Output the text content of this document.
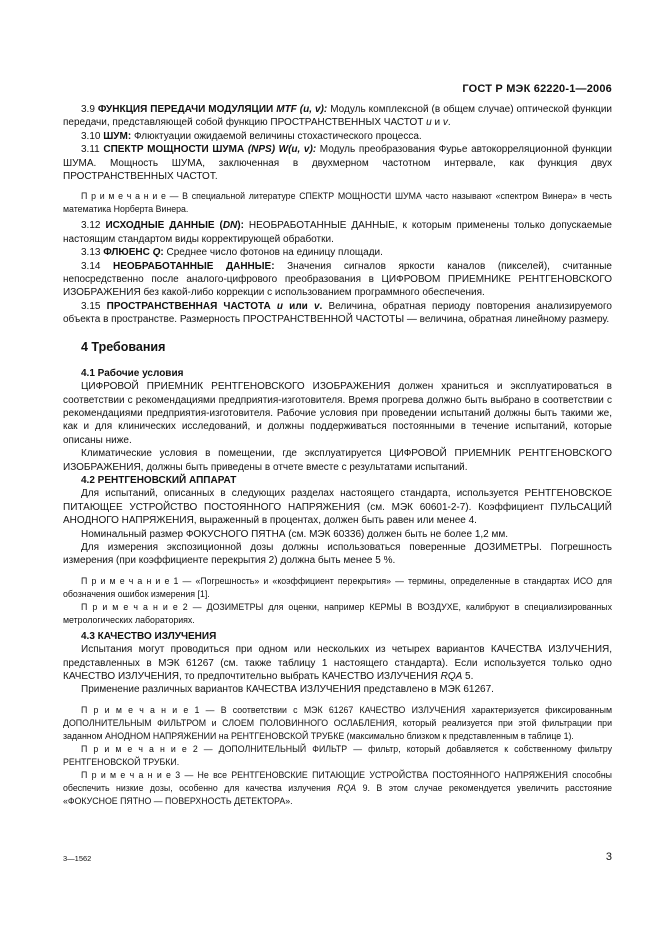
ГОСТ Р МЭК 62220-1—2006

3.9 ФУНКЦИЯ ПЕРЕДАЧИ МОДУЛЯЦИИ MTF (u, v): Модуль комплексной (в общем случае) оптической функции передачи, представляющей собой функцию ПРОСТРАНСТВЕННЫХ ЧАСТОТ u и v.

3.10 ШУМ: Флюктуации ожидаемой величины стохастического процесса.

3.11 СПЕКТР МОЩНОСТИ ШУМА (NPS) W(u, v): Модуль преобразования Фурье автокорреляционной функции ШУМА. Мощность ШУМА, заключенная в двухмерном частотном интервале, как функция двух ПРОСТРАНСТВЕННЫХ ЧАСТОТ.

П р и м е ч а н и е — В специальной литературе СПЕКТР МОЩНОСТИ ШУМА часто называют «спектром Винера» в честь математика Норберта Винера.

3.12 ИСХОДНЫЕ ДАННЫЕ (DN): НЕОБРАБОТАННЫЕ ДАННЫЕ, к которым применены только допускаемые настоящим стандартом виды корректирующей обработки.

3.13 ФЛЮЕНС Q: Среднее число фотонов на единицу площади.

3.14 НЕОБРАБОТАННЫЕ ДАННЫЕ: Значения сигналов яркости каналов (пикселей), считанные непосредственно после аналого-цифрового преобразования в ЦИФРОВОМ ПРИЕМНИКЕ РЕНТГЕНОВСКОГО ИЗОБРАЖЕНИЯ без какой-либо коррекции с использованием программного обеспечения.

3.15 ПРОСТРАНСТВЕННАЯ ЧАСТОТА u или v. Величина, обратная периоду повторения анализируемого объекта в пространстве. Размерность ПРОСТРАНСТВЕННОЙ ЧАСТОТЫ — величина, обратная линейному размеру.

4 Требования

4.1 Рабочие условия

ЦИФРОВОЙ ПРИЕМНИК РЕНТГЕНОВСКОГО ИЗОБРАЖЕНИЯ должен храниться и эксплуатироваться в соответствии с рекомендациями предприятия-изготовителя. Время прогрева должно быть выбрано в соответствии с рекомендациями предприятия-изготовителя. Рабочие условия при проведении испытаний должны быть такими же, как и для клинических исследований, и должны поддерживаться постоянными в течение испытаний, которые описаны ниже.

Климатические условия в помещении, где эксплуатируется ЦИФРОВОЙ ПРИЕМНИК РЕНТГЕНОВСКОГО ИЗОБРАЖЕНИЯ, должны быть приведены в отчете вместе с результатами испытаний.

4.2 РЕНТГЕНОВСКИЙ АППАРАТ

Для испытаний, описанных в следующих разделах настоящего стандарта, используется РЕНТГЕНОВСКОЕ ПИТАЮЩЕЕ УСТРОЙСТВО ПОСТОЯННОГО НАПРЯЖЕНИЯ (см. МЭК 60601-2-7). Коэффициент ПУЛЬСАЦИЙ АНОДНОГО НАПРЯЖЕНИЯ, выраженный в процентах, должен быть равен или менее 4.

Номинальный размер ФОКУСНОГО ПЯТНА (см. МЭК 60336) должен быть не более 1,2 мм.

Для измерения экспозиционной дозы должны использоваться поверенные ДОЗИМЕТРЫ. Погрешность измерения (при коэффициенте перекрытия 2) должна быть менее 5 %.

П р и м е ч а н и е 1 — «Погрешность» и «коэффициент перекрытия» — термины, определенные в стандартах ИСО для обозначения ошибок измерения [1].

П р и м е ч а н и е 2 — ДОЗИМЕТРЫ для оценки, например КЕРМЫ В ВОЗДУХЕ, калибруют в специализированных метрологических лабораториях.

4.3 КАЧЕСТВО ИЗЛУЧЕНИЯ

Испытания могут проводиться при одном или нескольких из четырех вариантов КАЧЕСТВА ИЗЛУЧЕНИЯ, представленных в МЭК 61267 (см. также таблицу 1 настоящего стандарта). Если используется только одно КАЧЕСТВО ИЗЛУЧЕНИЯ, то предпочтительно выбрать КАЧЕСТВО ИЗЛУЧЕНИЯ RQA 5.

Применение различных вариантов КАЧЕСТВА ИЗЛУЧЕНИЯ представлено в МЭК 61267.

П р и м е ч а н и е 1 — В соответствии с МЭК 61267 КАЧЕСТВО ИЗЛУЧЕНИЯ характеризуется фиксированным ДОПОЛНИТЕЛЬНЫМ ФИЛЬТРОМ и СЛОЕМ ПОЛОВИННОГО ОСЛАБЛЕНИЯ, который реализуется при этой фильтрации при заданном АНОДНОМ НАПРЯЖЕНИИ на РЕНТГЕНОВСКОЙ ТРУБКЕ (максимально близком к представленным в таблице 1).

П р и м е ч а н и е 2 — ДОПОЛНИТЕЛЬНЫЙ ФИЛЬТР — фильтр, который добавляется к собственному фильтру РЕНТГЕНОВСКОЙ ТРУБКИ.

П р и м е ч а н и е 3 — Не все РЕНТГЕНОВСКИЕ ПИТАЮЩИЕ УСТРОЙСТВА ПОСТОЯННОГО НАПРЯЖЕНИЯ способны обеспечить низкие дозы, особенно для качества излучения RQA 9. В этом случае рекомендуется увеличить расстояние «ФОКУСНОЕ ПЯТНО — ПОВЕРХНОСТЬ ДЕТЕКТОРА».

3—1562	3
